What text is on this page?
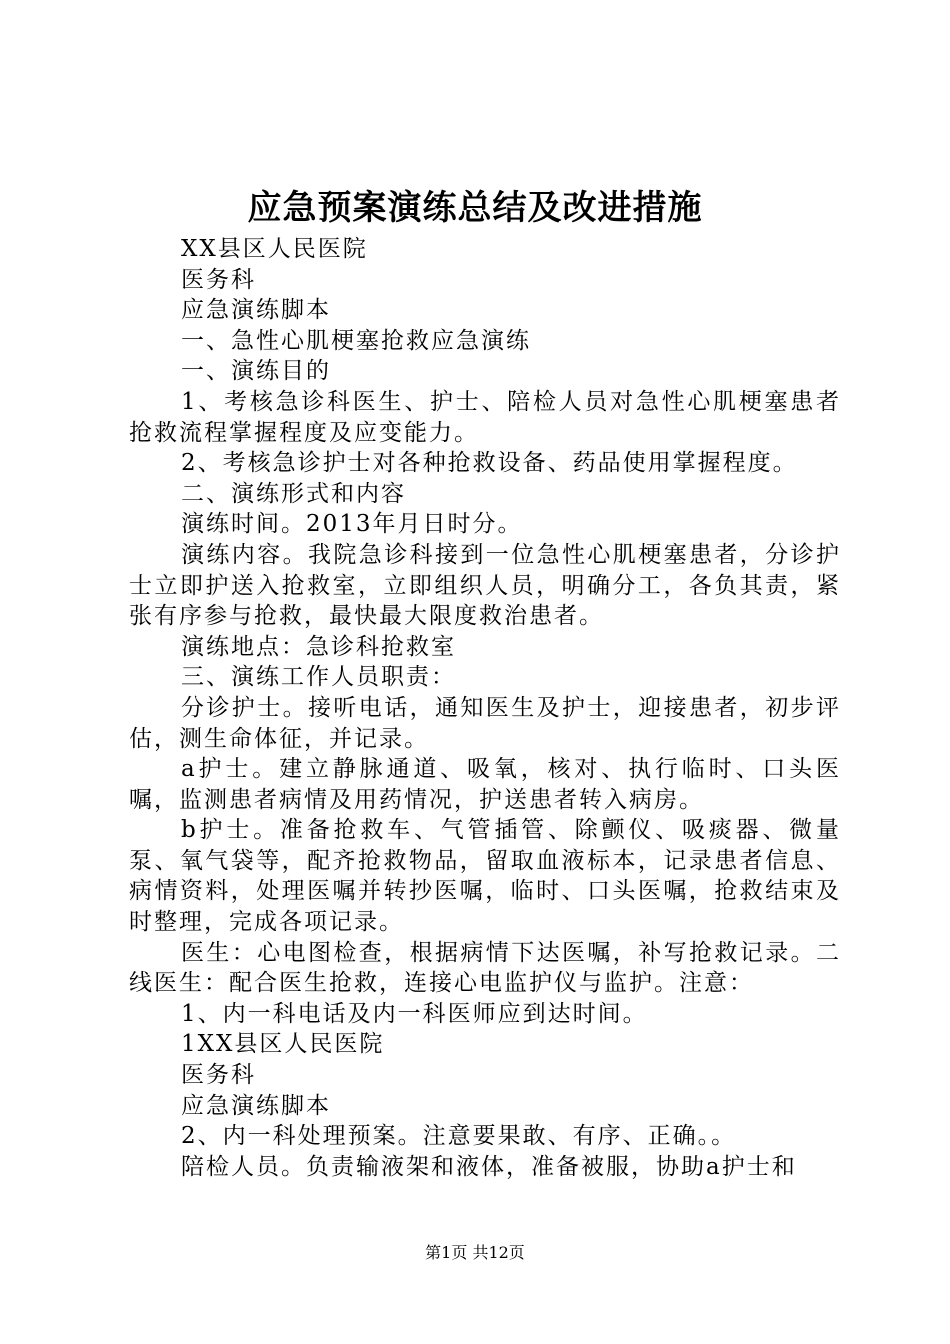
应急预案演练总结及改进措施

XX县区人民医院

医务科

应急演练脚本

一、急性心肌梗塞抢救应急演练

一、演练目的

1、考核急诊科医生、护士、陪检人员对急性心肌梗塞患者抢救流程掌握程度及应变能力。

2、考核急诊护士对各种抢救设备、药品使用掌握程度。

二、演练形式和内容

演练时间。2013年月日时分。

演练内容。我院急诊科接到一位急性心肌梗塞患者，分诊护士立即护送入抢救室，立即组织人员，明确分工，各负其责，紧张有序参与抢救，最快最大限度救治患者。

演练地点：急诊科抢救室

三、演练工作人员职责：

分诊护士。接听电话，通知医生及护士，迎接患者，初步评估，测生命体征，并记录。

a护士。建立静脉通道、吸氧，核对、执行临时、口头医嘱，监测患者病情及用药情况，护送患者转入病房。

b护士。准备抢救车、气管插管、除颤仪、吸痰器、微量泵、氧气袋等，配齐抢救物品，留取血液标本，记录患者信息、病情资料，处理医嘱并转抄医嘱，临时、口头医嘱，抢救结束及时整理，完成各项记录。

医生：心电图检查，根据病情下达医嘱，补写抢救记录。二线医生：配合医生抢救，连接心电监护仪与监护。注意：

1、内一科电话及内一科医师应到达时间。

1XX县区人民医院

医务科

应急演练脚本

2、内一科处理预案。注意要果敢、有序、正确。。

陪检人员。负责输液架和液体，准备被服，协助a护士和

第1页 共12页
